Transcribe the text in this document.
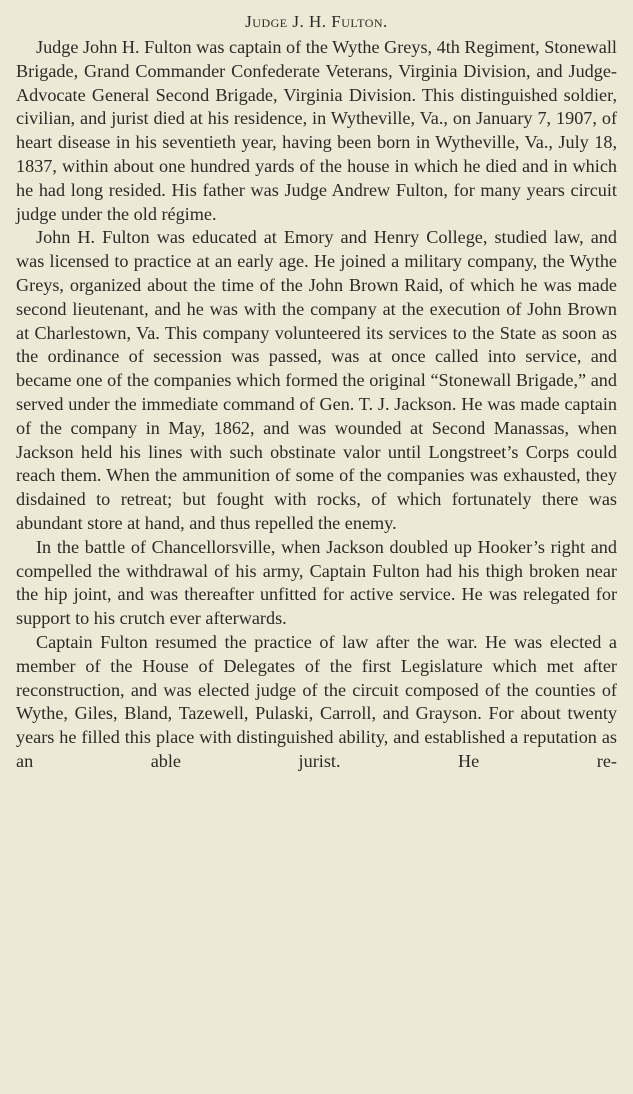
Judge J. H. Fulton.

Judge John H. Fulton was captain of the Wythe Greys, 4th Regiment, Stonewall Brigade, Grand Commander Confederate Veterans, Virginia Division, and Judge-Advocate General Second Brigade, Virginia Division. This distinguished soldier, civilian, and jurist died at his residence, in Wytheville, Va., on January 7, 1907, of heart disease in his seventieth year, having been born in Wytheville, Va., July 18, 1837, within about one hundred yards of the house in which he died and in which he had long resided. His father was Judge Andrew Fulton, for many years circuit judge under the old régime.

John H. Fulton was educated at Emory and Henry College, studied law, and was licensed to practice at an early age. He joined a military company, the Wythe Greys, organized about the time of the John Brown Raid, of which he was made second lieutenant, and he was with the company at the execution of John Brown at Charlestown, Va. This company volunteered its services to the State as soon as the ordinance of secession was passed, was at once called into service, and became one of the companies which formed the original “Stonewall Brigade,” and served under the immediate command of Gen. T. J. Jackson. He was made captain of the company in May, 1862, and was wounded at Second Manassas, when Jackson held his lines with such obstinate valor until Longstreet’s Corps could reach them. When the ammunition of some of the companies was exhausted, they disdained to retreat; but fought with rocks, of which fortunately there was abundant store at hand, and thus repelled the enemy.

In the battle of Chancellorsville, when Jackson doubled up Hooker’s right and compelled the withdrawal of his army, Captain Fulton had his thigh broken near the hip joint, and was thereafter unfitted for active service. He was relegated for support to his crutch ever afterwards.

Captain Fulton resumed the practice of law after the war. He was elected a member of the House of Delegates of the first Legislature which met after reconstruction, and was elected judge of the circuit composed of the counties of Wythe, Giles, Bland, Tazewell, Pulaski, Carroll, and Grayson. For about twenty years he filled this place with distinguished ability, and established a reputation as an able jurist. He re-
